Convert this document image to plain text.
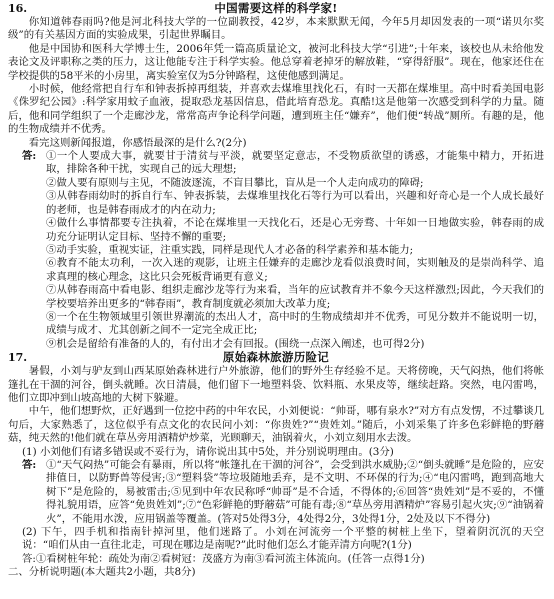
16.	中国需要这样的科学家!

你知道韩春雨吗?他是河北科技大学的一位副教授，42岁，本来默默无闻，今年5月却因发表的一项“诺贝尔奖级”的有关基因方面的实验成果，引起世界瞩目。

他是中国协和医科大学博士生，2006年凭一篇高质量论文，被河北科技大学“引进”;十年来，该校也从未给他发表论文及评职称之类的压力，这让他能专注于科学实验。他总穿着老掉牙的解放鞋，“穿得舒服”。现在，他家还住在学校提供的58平米的小房里，离实验室仅为5分钟路程，这使他感到满足。

小时候，他经常把自行车和钟表拆掉再组装，并喜欢去煤堆里找化石，有时一天都在煤堆里。高中时看美国电影《侏罗纪公园》:科学家用蚊子血液，提取恐龙基因信息，借此培育恐龙。真酷!这是他第一次感受到科学的力量。随后，他和同学组织了一个走廊沙龙，常常高声争论科学问题，遭到班主任“嫌弃”，他们便“转战”厕所。有趣的是，他的生物成绩并不优秀。

看完这则新闻报道，你感悟最深的是什么?(2分)

答: ①一个人要成大事，就要甘于清贫与平淡，就要坚定意志，不受物质欲望的诱惑，才能集中精力，开拓进取，排除各种干扰，实现自己的远大理想;

②做人要有原则与主见，不随波逐流，不盲目攀比，盲从是一个人走向成功的障碍;

③从韩春雨幼时的拆自行车、钟表拆装，去煤堆里找化石等行为可以看出，兴趣和好奇心是一个人成长最好的老师，也是韩春雨成才的内在动力;

④做什么事情都要专注执着，不论在煤堆里一天找化石，还是心无旁骛、十年如一日地做实验，韩春雨的成功充分证明认定目标、坚持不懈的重要;

⑤动手实验，重视实证，注重实践，同样是现代人才必备的科学素养和基本能力;

⑥教育不能太功利，一次入迷的观影，让班主任嫌弃的走廊沙龙看似浪费时间，实则触及的是崇尚科学、追求真理的核心理念，这比只会死板背诵更有意义;

⑦从韩春雨高中看电影、组织走廊沙龙等行为来看，当年的应试教育并不象今天这样激烈;因此，今天我们的学校要培养出更多的“韩春雨”，教育制度就必须加大改革力度;

⑧一个在生物领域里引领世界潮流的杰出人才，高中时的生物成绩却并不优秀，可见分数并不能说明一切，成绩与成才、尤其创新之间不一定完全成正比;

⑨机会是留给有准备的人的，有付出才会有回报。(围绕一点深入阐述，也可得2分)

17.	原始森林旅游历险记

暑假，小刘与驴友到山西某原始森林进行户外旅游，他们的野外生存经验不足。天将傍晚，天气闷热，他们将帐篷扎在干涸的河谷，倒头就睡。次日清晨，他们留下一地塑料袋、饮料瓶、水果皮等，继续赶路。突然，电闪雷鸣，他们立即冲到山坡高地的大树下躲避。

中午，他们想野炊，正好遇到一位挖中药的中年农民，小刘便说：“帅哥，哪有泉水?”对方有点发愣，不过攀谈几句后，大家熟悉了，这位似乎有点文化的农民问小刘：“你贵姓?”“贵姓刘。”随后，小刘采集了许多色彩鲜艳的野蘑菇，纯天然的!他们就在草丛旁用酒精炉炒菜，光顾聊天，油锅着火，小刘立刻用水去泼。

(1) 小刘他们有诸多错误或不妥行为，请你说出其中5处，并分别说明理由。(3分)

答: ①“天气闷热”可能会有暴雨，所以将“帐篷扎在干涸的河谷”，会受到洪水威胁;②“倒头就睡”是危险的，应安排值日，以防野兽等侵害;③“塑料袋”等垃圾随地丢弃，是不文明、不环保的行为;④“电闪雷鸣，跑到高地大树下”是危险的，易被雷击;⑤见到中年农民称呼“帅哥”是不合适，不得体的;⑥回答“贵姓刘”是不妥的，不懂得礼貌用语，应答“免贵姓刘”;⑦“色彩鲜艳的野蘑菇”可能有毒;⑧“草丛旁用酒精炉”容易引起火灾;⑨“油锅着火”，不能用水泼，应用锅盖等覆盖。(答对5处得3分，4处得2分，3处得1分，2处及以下不得分)

(2) 下午，四手机和指南针掉河里，他们迷路了。小刘在河流旁一个平整的树桩上坐下，望着阴沉沉的天空说：“咱们从由一直往北走，可现在哪边是南呢?”此时他们怎么才能弄清方向呢?(1分)

答:①看树桩年轮：疏处为南②看树冠：茂盛方为南③看河流主体流向。(任答一点得1分)

二、分析说明题(本大题共2小题，共8分)
